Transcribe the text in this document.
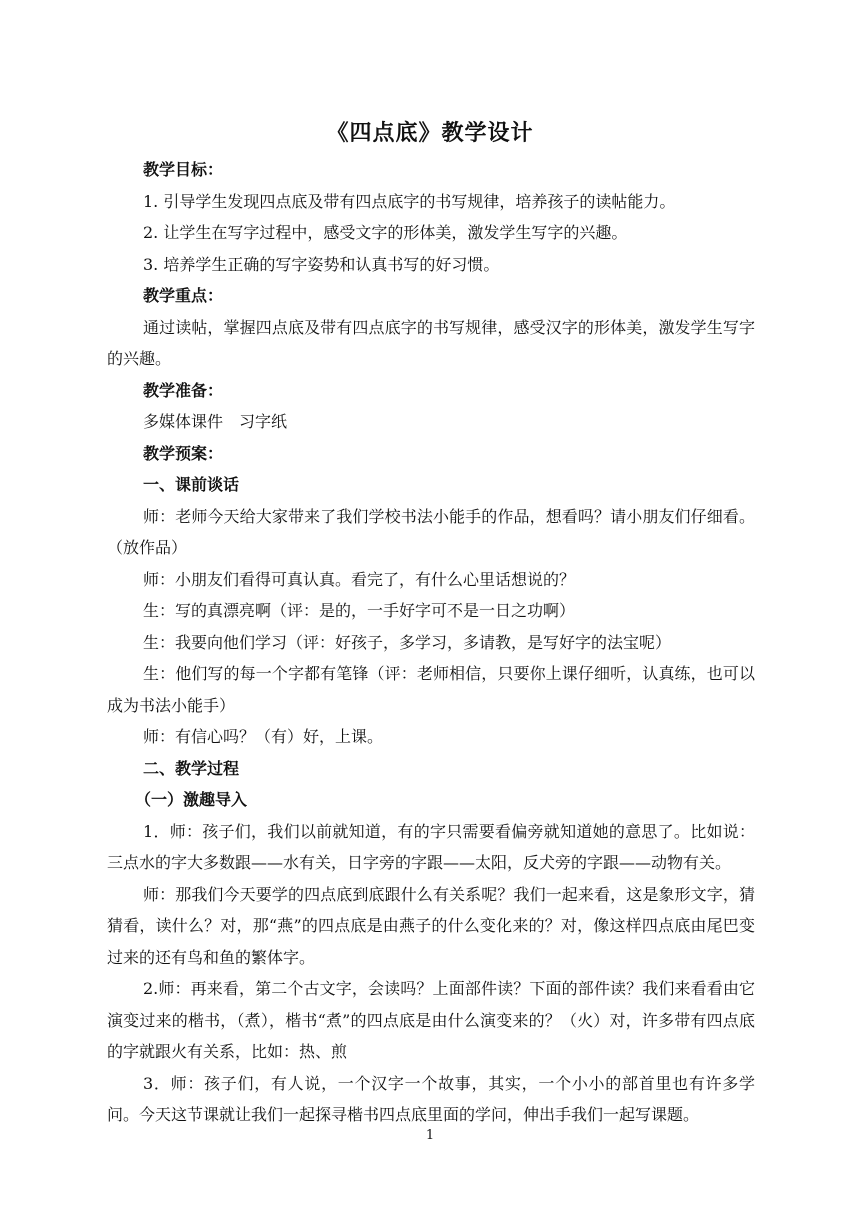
《四点底》教学设计

教学目标：

1. 引导学生发现四点底及带有四点底字的书写规律，培养孩子的读帖能力。

2. 让学生在写字过程中，感受文字的形体美，激发学生写字的兴趣。

3. 培养学生正确的写字姿势和认真书写的好习惯。

教学重点：

通过读帖，掌握四点底及带有四点底字的书写规律，感受汉字的形体美，激发学生写字的兴趣。

教学准备：

多媒体课件　习字纸

教学预案：

一、课前谈话

师：老师今天给大家带来了我们学校书法小能手的作品，想看吗？请小朋友们仔细看。（放作品）

师：小朋友们看得可真认真。看完了，有什么心里话想说的？

生：写的真漂亮啊（评：是的，一手好字可不是一日之功啊）

生：我要向他们学习（评：好孩子，多学习，多请教，是写好字的法宝呢）

生：他们写的每一个字都有笔锋（评：老师相信，只要你上课仔细听，认真练，也可以成为书法小能手）

师：有信心吗？（有）好，上课。

二、教学过程

（一）激趣导入

1．师：孩子们，我们以前就知道，有的字只需要看偏旁就知道她的意思了。比如说：三点水的字大多数跟——水有关，日字旁的字跟——太阳，反犬旁的字跟——动物有关。

师：那我们今天要学的四点底到底跟什么有关系呢？我们一起来看，这是象形文字，猜猜看，读什么？对，那“燕”的四点底是由燕子的什么变化来的？对，像这样四点底由尾巴变过来的还有鸟和鱼的繁体字。

2.师：再来看，第二个古文字，会读吗？上面部件读？下面的部件读？我们来看看由它演变过来的楷书，（煮），楷书“煮”的四点底是由什么演变来的？（火）对，许多带有四点底的字就跟火有关系，比如：热、煎

3．师：孩子们，有人说，一个汉字一个故事，其实，一个小小的部首里也有许多学问。今天这节课就让我们一起探寻楷书四点底里面的学问，伸出手我们一起写课题。

1
